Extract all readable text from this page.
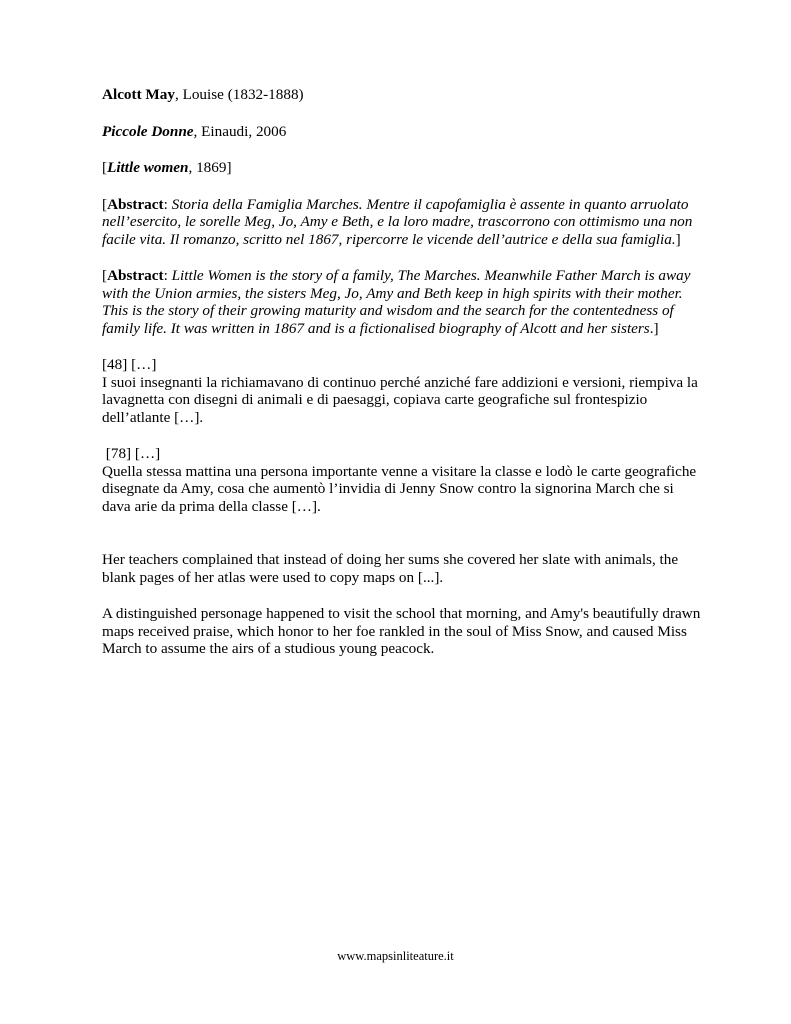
Alcott May, Louise (1832-1888)

Piccole Donne, Einaudi, 2006

[Little women, 1869]

[Abstract: Storia della Famiglia Marches. Mentre il capofamiglia è assente in quanto arruolato nell’esercito, le sorelle Meg, Jo, Amy e Beth, e la loro madre, trascorrono con ottimismo una non facile vita. Il romanzo, scritto nel 1867, ripercorre le vicende dell’autrice e della sua famiglia.]

[Abstract: Little Women is the story of a family, The Marches. Meanwhile Father March is away with the Union armies, the sisters Meg, Jo, Amy and Beth keep in high spirits with their mother. This is the story of their growing maturity and wisdom and the search for the contentedness of family life. It was written in 1867 and is a fictionalised biography of Alcott and her sisters.]

[48] […]

I suoi insegnanti la richiamavano di continuo perché anziché fare addizioni e versioni, riempiva la lavagnetta con disegni di animali e di paesaggi, copiava carte geografiche sul frontespizio dell’atlante […].

[78] […]

Quella stessa mattina una persona importante venne a visitare la classe e lodò le carte geografiche disegnate da Amy, cosa che aumentò l’invidia di Jenny Snow contro la signorina March che si dava arie da prima della classe […].

Her teachers complained that instead of doing her sums she covered her slate with animals, the blank pages of her atlas were used to copy maps on [...].

A distinguished personage happened to visit the school that morning, and Amy's beautifully drawn maps received praise, which honor to her foe rankled in the soul of Miss Snow, and caused Miss March to assume the airs of a studious young peacock.

www.mapsinliteature.it
